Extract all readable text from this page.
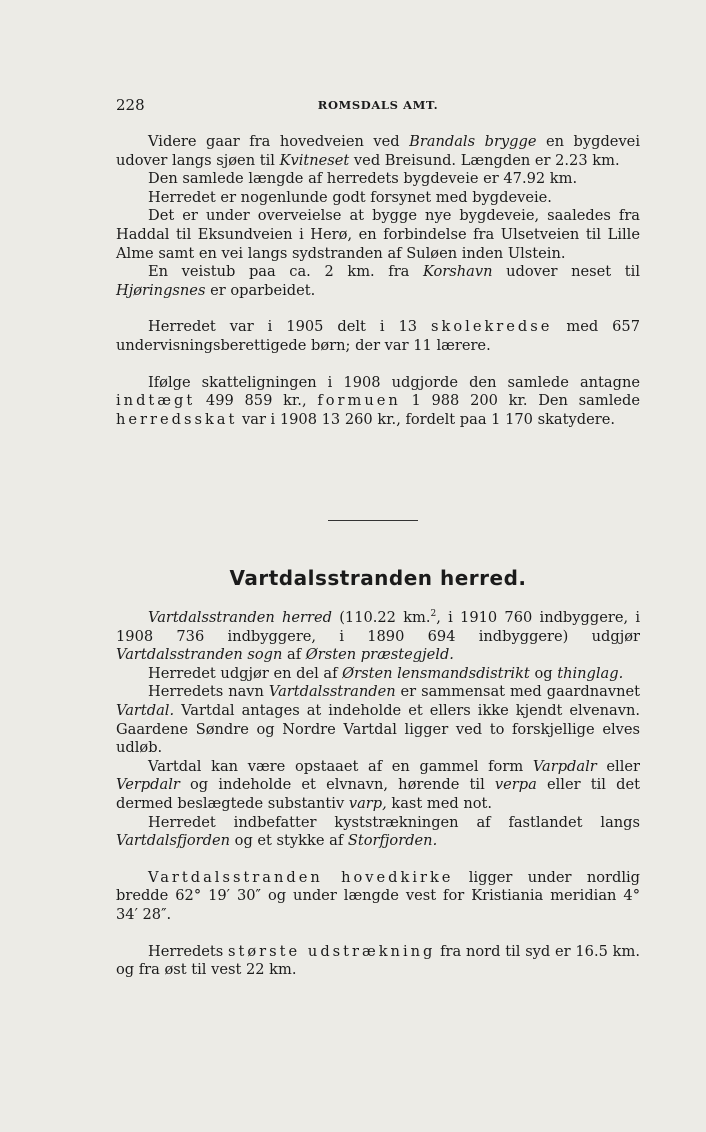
228	ROMSDALS AMT.

Videre gaar fra hovedveien ved Brandals brygge en bygdevei udover langs sjøen til Kvitneset ved Breisund. Længden er 2.23 km.

Den samlede længde af herredets bygdeveie er 47.92 km.

Herredet er nogenlunde godt forsynet med bygdeveie.

Det er under overveielse at bygge nye bygdeveie, saaledes fra Haddal til Eksundveien i Herø, en forbindelse fra Ulsetveien til Lille Alme samt en vei langs sydstranden af Suløen inden Ulstein.

En veistub paa ca. 2 km. fra Korshavn udover neset til Hjøringsnes er oparbeidet.

Herredet var i 1905 delt i 13 skolekredse med 657 undervisningsberettigede børn; der var 11 lærere.

Ifølge skatteligningen i 1908 udgjorde den samlede antagne indtægt 499 859 kr., formuen 1 988 200 kr. Den samlede herredsskat var i 1908 13 260 kr., fordelt paa 1 170 skatydere.

Vartdalsstranden herred.

Vartdalsstranden herred (110.22 km.$^2$, i 1910 760 indbyggere, i 1908 736 indbyggere, i 1890 694 indbyggere) udgjør Vartdalsstranden sogn af Ørsten præstegjeld.

Herredet udgjør en del af Ørsten lensmandsdistrikt og thinglag.

Herredets navn Vartdalsstranden er sammensat med gaardnavnet Vartdal. Vartdal antages at indeholde et ellers ikke kjendt elvenavn. Gaardene Søndre og Nordre Vartdal ligger ved to forskjellige elves udløb.

Vartdal kan være opstaaet af en gammel form Varpdalr eller Verpdalr og indeholde et elvnavn, hørende til verpa eller til det dermed beslægtede substantiv varp, kast med not.

Herredet indbefatter kyststrækningen af fastlandet langs Vartdalsfjorden og et stykke af Storfjorden.

Vartdalsstranden hovedkirke ligger under nordlig bredde 62° 19′ 30″ og under længde vest for Kristiania meridian 4° 34′ 28″.

Herredets største udstrækning fra nord til syd er 16.5 km. og fra øst til vest 22 km.
